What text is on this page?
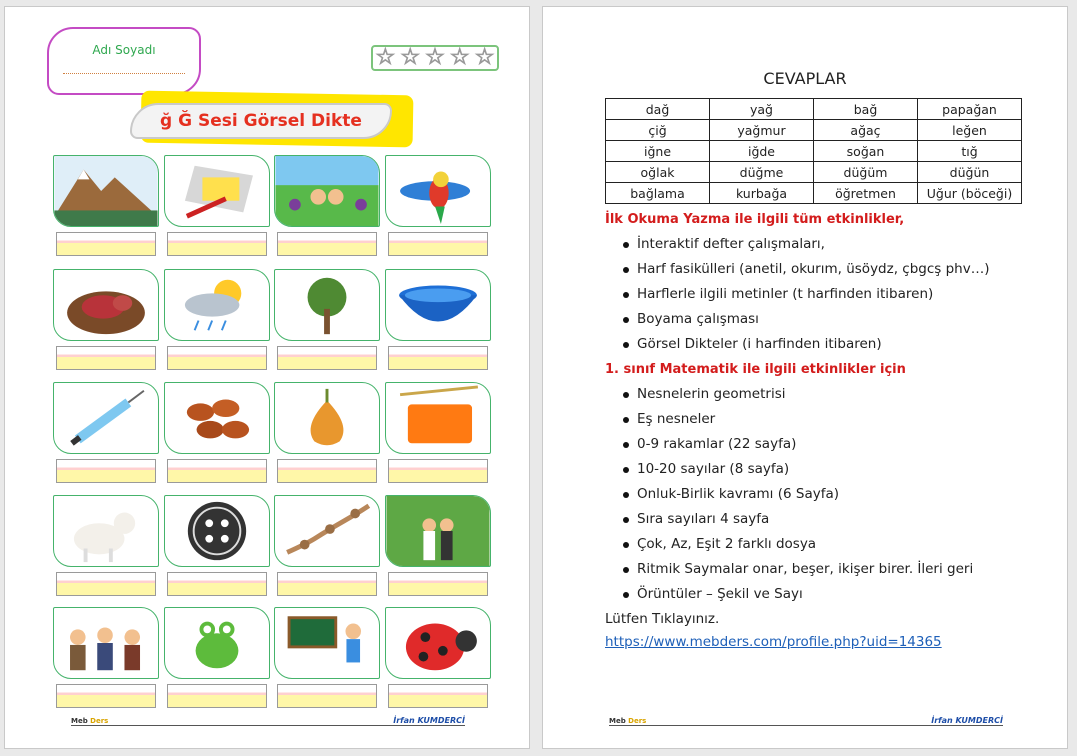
Adı Soyadı	☆ ☆ ☆ ☆ ☆
ğ Ğ Sesi Görsel Dikte
Meb Ders	İrfan KUMDERCİ
CEVAPLAR
dağ	yağ	bağ	papağan
çiğ	yağmur	ağaç	leğen
iğne	iğde	soğan	tığ
oğlak	düğme	düğüm	düğün
bağlama	kurbağa	öğretmen	Uğur (böceği)
İlk Okuma Yazma ile ilgili tüm etkinlikler,
İnteraktif defter çalışmaları,
Harf fasikülleri (anetil, okurım, üsöydz, çbgcş phv…)
Harflerle ilgili metinler (t harfinden itibaren)
Boyama çalışması
Görsel Dikteler (i harfinden itibaren)
1. sınıf Matematik ile ilgili etkinlikler için
Nesnelerin geometrisi
Eş nesneler
0-9 rakamlar (22 sayfa)
10-20 sayılar (8 sayfa)
Onluk-Birlik kavramı (6 Sayfa)
Sıra sayıları 4 sayfa
Çok, Az, Eşit 2 farklı dosya
Ritmik Saymalar onar, beşer, ikişer birer. İleri geri
Örüntüler – Şekil ve Sayı
Lütfen Tıklayınız.
https://www.mebders.com/profile.php?uid=14365
Meb Ders	İrfan KUMDERCİ
